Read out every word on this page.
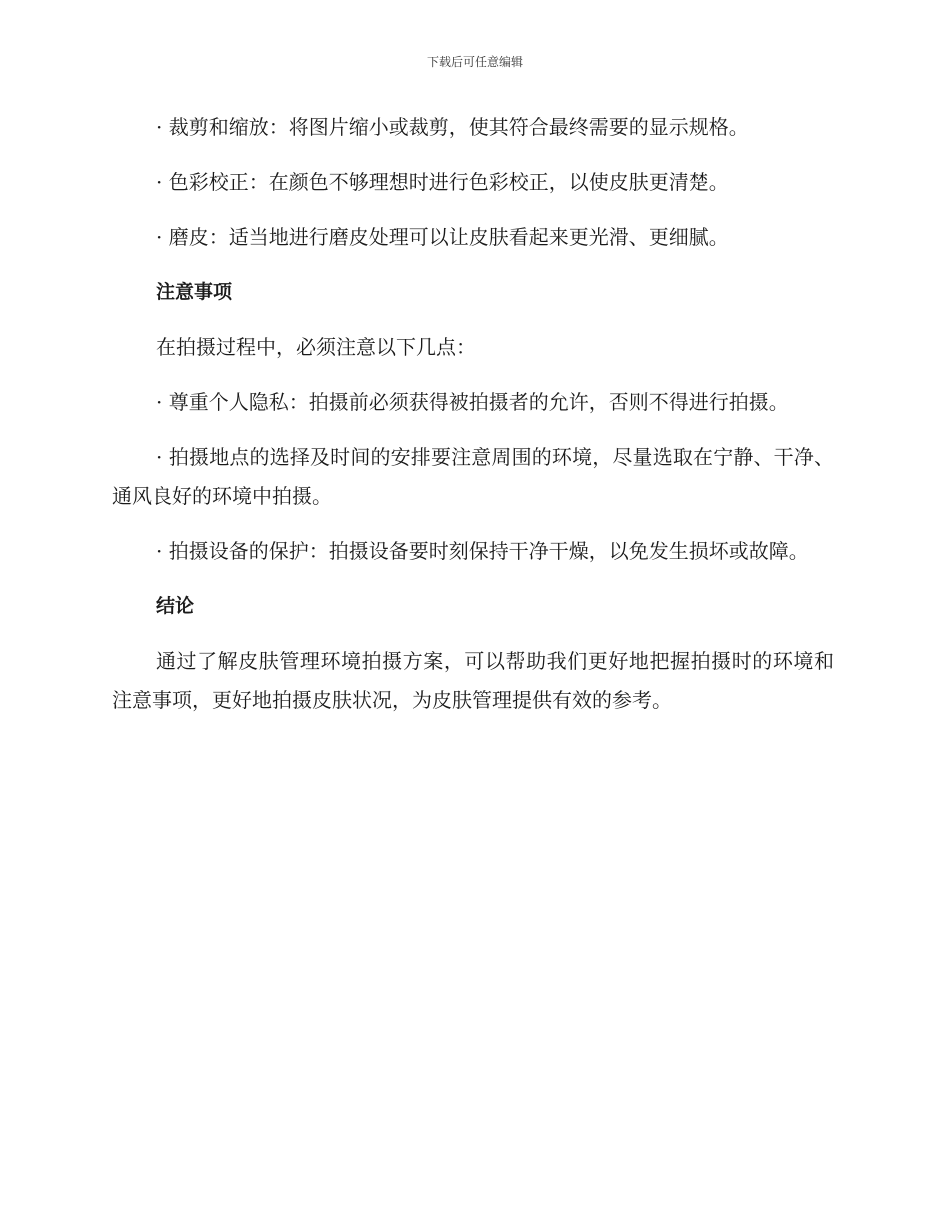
下载后可任意编辑

· 裁剪和缩放：将图片缩小或裁剪，使其符合最终需要的显示规格。

· 色彩校正：在颜色不够理想时进行色彩校正，以使皮肤更清楚。

· 磨皮：适当地进行磨皮处理可以让皮肤看起来更光滑、更细腻。

注意事项

在拍摄过程中，必须注意以下几点：

· 尊重个人隐私：拍摄前必须获得被拍摄者的允许，否则不得进行拍摄。

· 拍摄地点的选择及时间的安排要注意周围的环境，尽量选取在宁静、干净、通风良好的环境中拍摄。

· 拍摄设备的保护：拍摄设备要时刻保持干净干燥，以免发生损坏或故障。

结论

通过了解皮肤管理环境拍摄方案，可以帮助我们更好地把握拍摄时的环境和注意事项，更好地拍摄皮肤状况，为皮肤管理提供有效的参考。
